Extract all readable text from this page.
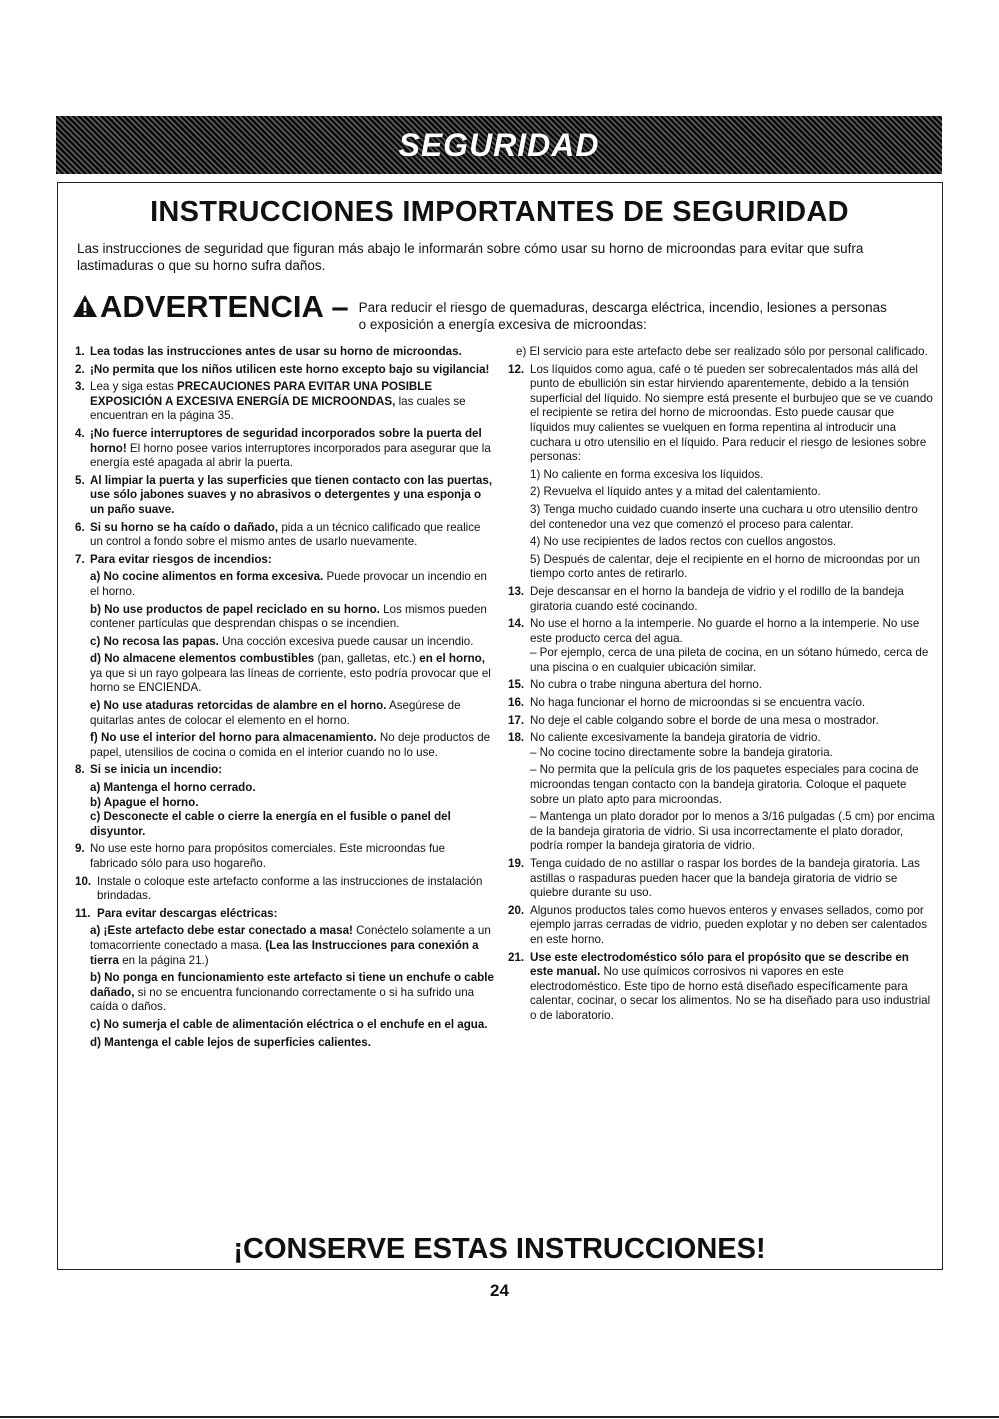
SEGURIDAD
INSTRUCCIONES IMPORTANTES DE SEGURIDAD

Las instrucciones de seguridad que figuran más abajo le informarán sobre cómo usar su horno de microondas para evitar que sufra lastimaduras o que su horno sufra daños.

ADVERTENCIA – Para reducir el riesgo de quemaduras, descarga eléctrica, incendio, lesiones a personas
o exposición a energía excesiva de microondas:
1. Lea todas las instrucciones antes de usar su horno de microondas.
2. ¡No permita que los niños utilicen este horno excepto bajo su vigilancia!
3. Lea y siga estas PRECAUCIONES PARA EVITAR UNA POSIBLE EXPOSICIÓN A EXCESIVA ENERGÍA DE MICROONDAS, las cuales se encuentran en la página 35.
4. ¡No fuerce interruptores de seguridad incorporados sobre la puerta del horno! El horno posee varios interruptores incorporados para asegurar que la energía esté apagada al abrir la puerta.
5. Al limpiar la puerta y las superficies que tienen contacto con las puertas, use sólo jabones suaves y no abrasivos o detergentes y una esponja o un paño suave.
6. Si su horno se ha caído o dañado, pida a un técnico calificado que realice un control a fondo sobre el mismo antes de usarlo nuevamente.
7. Para evitar riesgos de incendios:
a) No cocine alimentos en forma excesiva. Puede provocar un incendio en el horno.
b) No use productos de papel reciclado en su horno. Los mismos pueden contener partículas que desprendan chispas o se incendien.
c) No recosa las papas. Una cocción excesiva puede causar un incendio.
d) No almacene elementos combustibles (pan, galletas, etc.) en el horno, ya que si un rayo golpeara las líneas de corriente, esto podría provocar que el horno se ENCIENDA.
e) No use ataduras retorcidas de alambre en el horno. Asegúrese de quitarlas antes de colocar el elemento en el horno.
f) No use el interior del horno para almacenamiento. No deje productos de papel, utensilios de cocina o comida en el interior cuando no lo use.
8. Si se inicia un incendio:
a) Mantenga el horno cerrado.
b) Apague el horno.
c) Desconecte el cable o cierre la energía en el fusible o panel del disyuntor.
9. No use este horno para propósitos comerciales. Este microondas fue fabricado sólo para uso hogareño.
10. Instale o coloque este artefacto conforme a las instrucciones de instalación brindadas.
11. Para evitar descargas eléctricas:
a) ¡Este artefacto debe estar conectado a masa! Conéctelo solamente a un tomacorriente conectado a masa. (Lea las Instrucciones para conexión a tierra en la página 21.)
b) No ponga en funcionamiento este artefacto si tiene un enchufe o cable dañado, si no se encuentra funcionando correctamente o si ha sufrido una caída o daños.
c) No sumerja el cable de alimentación eléctrica o el enchufe en el agua.
d) Mantenga el cable lejos de superficies calientes.
e) El servicio para este artefacto debe ser realizado sólo por personal calificado.
12. Los líquidos como agua, café o té pueden ser sobrecalentados más allá del punto de ebullición sin estar hirviendo aparentemente, debido a la tensión superficial del líquido. No siempre está presente el burbujeo que se ve cuando el recipiente se retira del horno de microondas. Esto puede causar que líquidos muy calientes se vuelquen en forma repentina al introducir una cuchara u otro utensilio en el líquido. Para reducir el riesgo de lesiones sobre personas:
1) No caliente en forma excesiva los líquidos.
2) Revuelva el líquido antes y a mitad del calentamiento.
3) Tenga mucho cuidado cuando inserte una cuchara u otro utensilio dentro del contenedor una vez que comenzó el proceso para calentar.
4) No use recipientes de lados rectos con cuellos angostos.
5) Después de calentar, deje el recipiente en el horno de microondas por un tiempo corto antes de retirarlo.
13. Deje descansar en el horno la bandeja de vidrio y el rodillo de la bandeja giratoria cuando esté cocinando.
14. No use el horno a la intemperie. No guarde el horno a la intemperie. No use este producto cerca del agua.
– Por ejemplo, cerca de una pileta de cocina, en un sótano húmedo, cerca de una piscina o en cualquier ubicación similar.
15. No cubra o trabe ninguna abertura del horno.
16. No haga funcionar el horno de microondas si se encuentra vacío.
17. No deje el cable colgando sobre el borde de una mesa o mostrador.
18. No caliente excesivamente la bandeja giratoria de vidrio.
– No cocine tocino directamente sobre la bandeja giratoria.
– No permita que la película gris de los paquetes especiales para cocina de microondas tengan contacto con la bandeja giratoria. Coloque el paquete sobre un plato apto para microondas.
– Mantenga un plato dorador por lo menos a 3/16 pulgadas (.5 cm) por encima de la bandeja giratoria de vidrio. Si usa incorrectamente el plato dorador, podría romper la bandeja giratoria de vidrio.
19. Tenga cuidado de no astillar o raspar los bordes de la bandeja giratoria. Las astillas o raspaduras pueden hacer que la bandeja giratoria de vidrio se quiebre durante su uso.
20. Algunos productos tales como huevos enteros y envases sellados, como por ejemplo jarras cerradas de vidrio, pueden explotar y no deben ser calentados en este horno.
21. Use este electrodoméstico sólo para el propósito que se describe en este manual. No use químicos corrosivos ni vapores en este electrodoméstico. Este tipo de horno está diseñado específicamente para calentar, cocinar, o secar los alimentos. No se ha diseñado para uso industrial o de laboratorio.
¡CONSERVE ESTAS INSTRUCCIONES!
24
